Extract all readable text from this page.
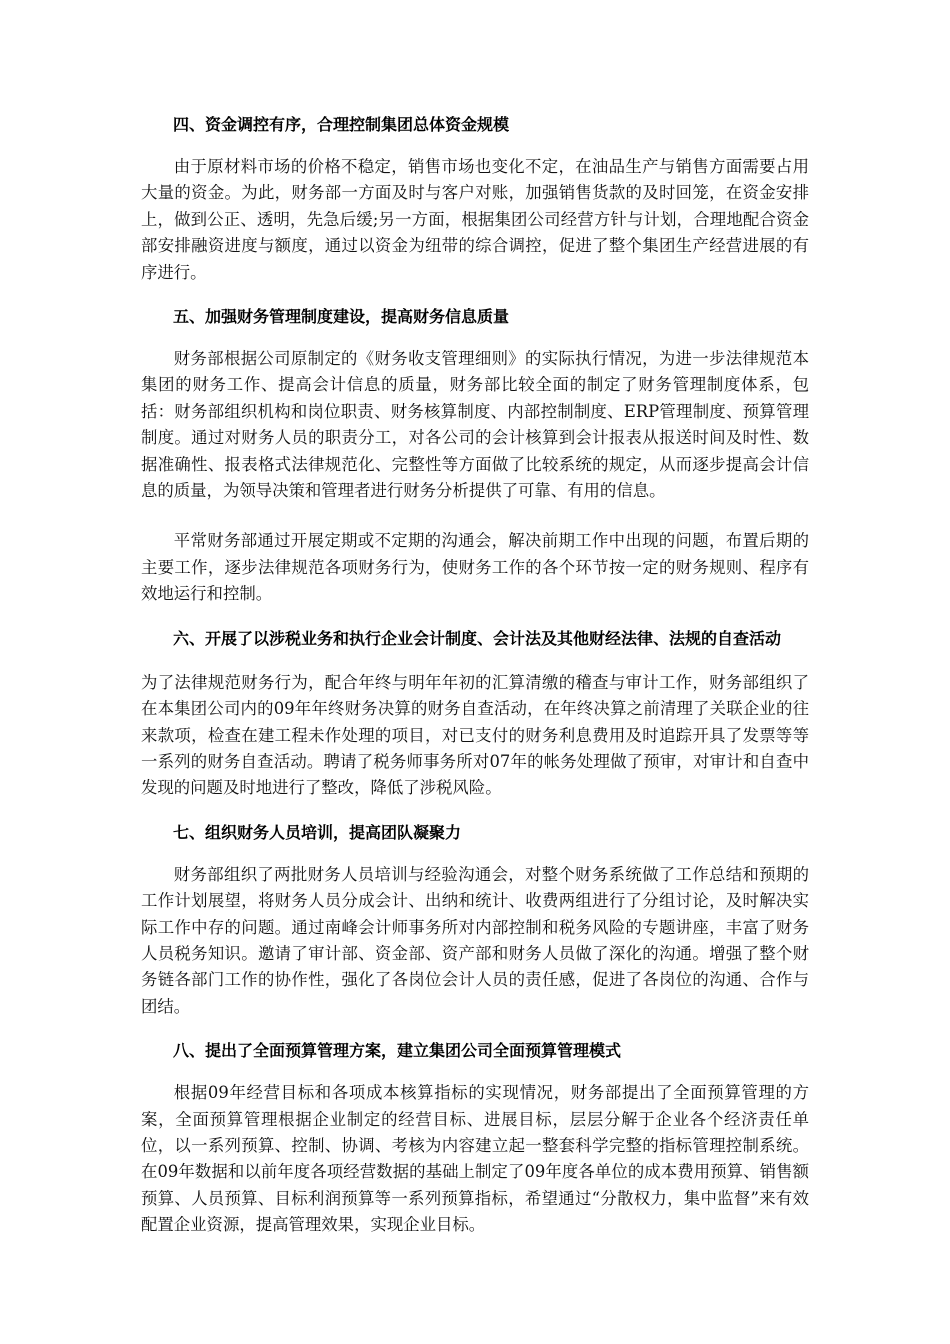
四、资金调控有序，合理控制集团总体资金规模

由于原材料市场的价格不稳定，销售市场也变化不定，在油品生产与销售方面需要占用大量的资金。为此，财务部一方面及时与客户对账，加强销售货款的及时回笼，在资金安排上，做到公正、透明，先急后缓;另一方面，根据集团公司经营方针与计划，合理地配合资金部安排融资进度与额度，通过以资金为纽带的综合调控，促进了整个集团生产经营进展的有序进行。

五、加强财务管理制度建设，提高财务信息质量

财务部根据公司原制定的《财务收支管理细则》的实际执行情况，为进一步法律规范本集团的财务工作、提高会计信息的质量，财务部比较全面的制定了财务管理制度体系，包括：财务部组织机构和岗位职责、财务核算制度、内部控制制度、ERP管理制度、预算管理制度。通过对财务人员的职责分工，对各公司的会计核算到会计报表从报送时间及时性、数据准确性、报表格式法律规范化、完整性等方面做了比较系统的规定，从而逐步提高会计信息的质量，为领导决策和管理者进行财务分析提供了可靠、有用的信息。

平常财务部通过开展定期或不定期的沟通会，解决前期工作中出现的问题，布置后期的主要工作，逐步法律规范各项财务行为，使财务工作的各个环节按一定的财务规则、程序有效地运行和控制。

六、开展了以涉税业务和执行企业会计制度、会计法及其他财经法律、法规的自查活动

为了法律规范财务行为，配合年终与明年年初的汇算清缴的稽查与审计工作，财务部组织了在本集团公司内的09年年终财务决算的财务自查活动，在年终决算之前清理了关联企业的往来款项，检查在建工程未作处理的项目，对已支付的财务利息费用及时追踪开具了发票等等一系列的财务自查活动。聘请了税务师事务所对07年的帐务处理做了预审，对审计和自查中发现的问题及时地进行了整改，降低了涉税风险。

七、组织财务人员培训，提高团队凝聚力

财务部组织了两批财务人员培训与经验沟通会，对整个财务系统做了工作总结和预期的工作计划展望，将财务人员分成会计、出纳和统计、收费两组进行了分组讨论，及时解决实际工作中存的问题。通过南峰会计师事务所对内部控制和税务风险的专题讲座，丰富了财务人员税务知识。邀请了审计部、资金部、资产部和财务人员做了深化的沟通。增强了整个财务链各部门工作的协作性，强化了各岗位会计人员的责任感，促进了各岗位的沟通、合作与团结。

八、提出了全面预算管理方案，建立集团公司全面预算管理模式

根据09年经营目标和各项成本核算指标的实现情况，财务部提出了全面预算管理的方案，全面预算管理根据企业制定的经营目标、进展目标，层层分解于企业各个经济责任单位，以一系列预算、控制、协调、考核为内容建立起一整套科学完整的指标管理控制系统。在09年数据和以前年度各项经营数据的基础上制定了09年度各单位的成本费用预算、销售额预算、人员预算、目标利润预算等一系列预算指标，希望通过“分散权力，集中监督”来有效配置企业资源，提高管理效果，实现企业目标。
